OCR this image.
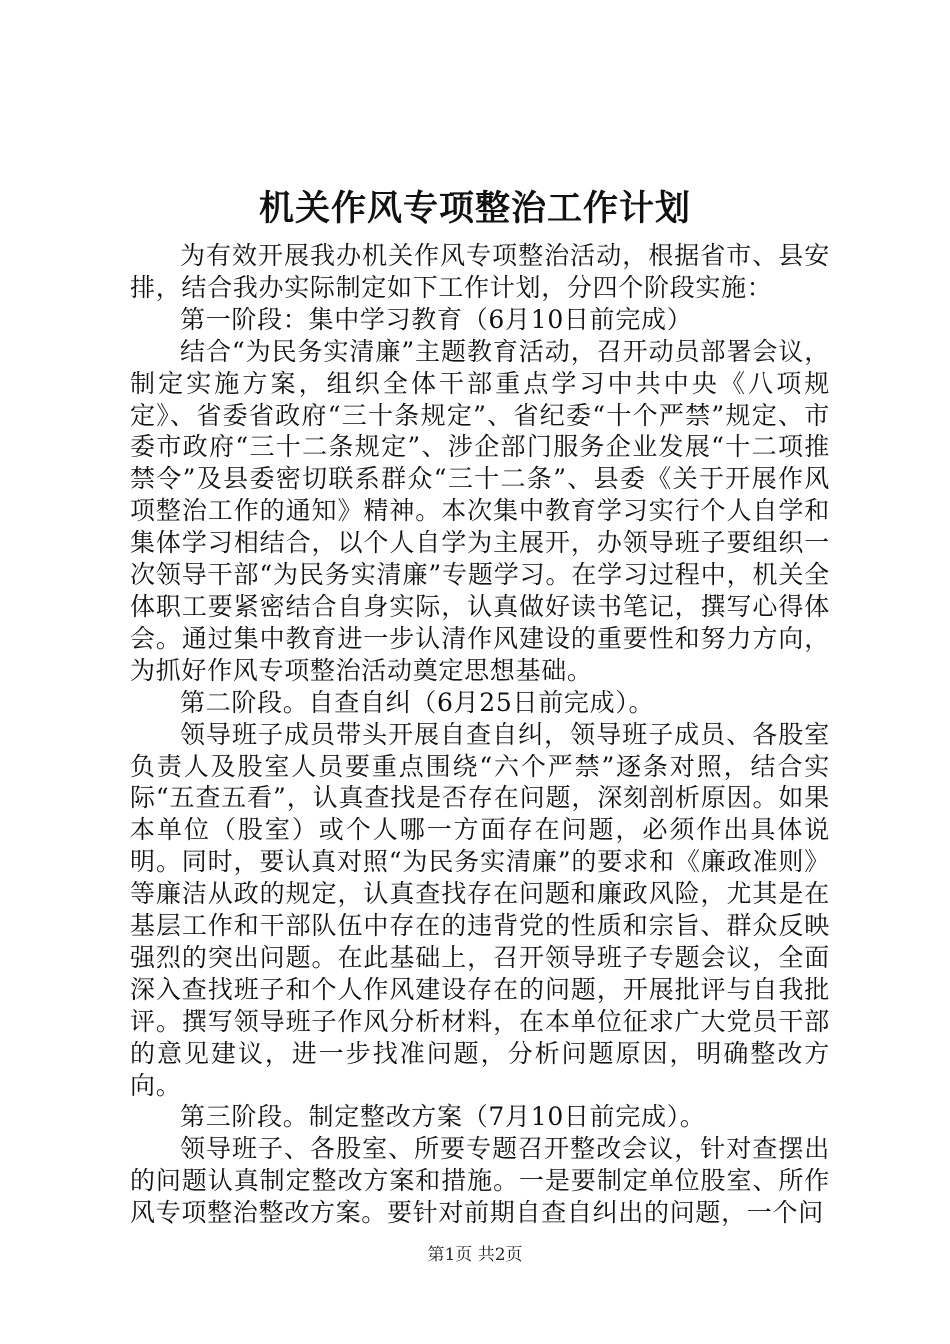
机关作风专项整治工作计划

为有效开展我办机关作风专项整治活动，根据省市、县安排，结合我办实际制定如下工作计划，分四个阶段实施：

第一阶段：集中学习教育（6月10日前完成）

结合“为民务实清廉”主题教育活动，召开动员部署会议，制定实施方案，组织全体干部重点学习中共中央《八项规定》、省委省政府“三十条规定”、省纪委“十个严禁”规定、市委市政府“三十二条规定”、涉企部门服务企业发展“十二项推禁令”及县委密切联系群众“三十二条”、县委《关于开展作风项整治工作的通知》精神。本次集中教育学习实行个人自学和集体学习相结合，以个人自学为主展开，办领导班子要组织一次领导干部“为民务实清廉”专题学习。在学习过程中，机关全体职工要紧密结合自身实际，认真做好读书笔记，撰写心得体会。通过集中教育进一步认清作风建设的重要性和努力方向，为抓好作风专项整治活动奠定思想基础。

第二阶段。自查自纠（6月25日前完成）。

领导班子成员带头开展自查自纠，领导班子成员、各股室负责人及股室人员要重点围绕“六个严禁”逐条对照，结合实际“五查五看”，认真查找是否存在问题，深刻剖析原因。如果本单位（股室）或个人哪一方面存在问题，必须作出具体说明。同时，要认真对照“为民务实清廉”的要求和《廉政准则》等廉洁从政的规定，认真查找存在问题和廉政风险，尤其是在基层工作和干部队伍中存在的违背党的性质和宗旨、群众反映强烈的突出问题。在此基础上，召开领导班子专题会议，全面深入查找班子和个人作风建设存在的问题，开展批评与自我批评。撰写领导班子作风分析材料，在本单位征求广大党员干部的意见建议，进一步找准问题，分析问题原因，明确整改方向。

第三阶段。制定整改方案（7月10日前完成）。

领导班子、各股室、所要专题召开整改会议，针对查摆出的问题认真制定整改方案和措施。一是要制定单位股室、所作风专项整治整改方案。要针对前期自查自纠出的问题，一个问

第1页 共2页
